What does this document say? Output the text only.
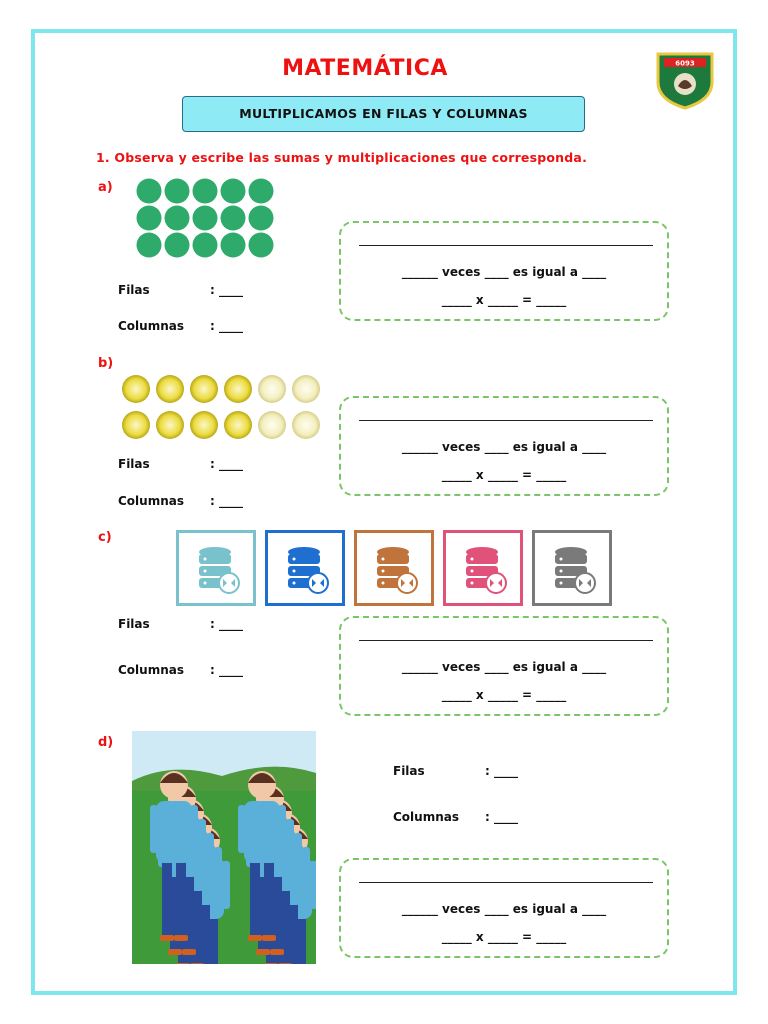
MATEMÁTICA
MULTIPLICAMOS EN FILAS Y COLUMNAS
6093
1. Observa y escribe las sumas y multiplicaciones que corresponda.
a)
Filas	: ____
Columnas : ____
______ veces ____ es igual a ____
_____ x _____ = _____
b)
Filas	: ____
Columnas : ____
______ veces ____ es igual a ____
_____ x _____ = _____
c)
Filas	: ____
Columnas : ____	______ veces ____ es igual a ____
_____ x _____ = _____
d)
Filas	: ____
Columnas : ____
______ veces ____ es igual a ____
_____ x _____ = _____
